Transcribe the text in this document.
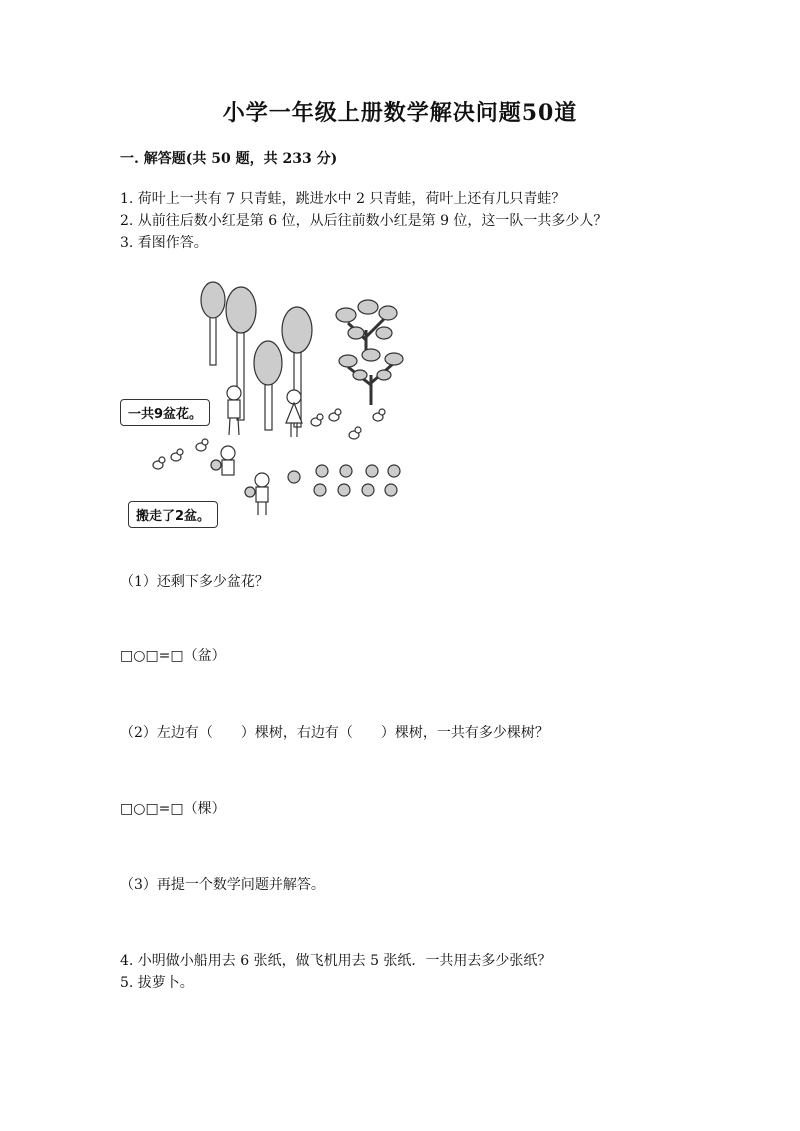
小学一年级上册数学解决问题50道
一. 解答题(共 50 题，共 233 分)
1. 荷叶上一共有 7 只青蛙，跳进水中 2 只青蛙，荷叶上还有几只青蛙？
2. 从前往后数小红是第 6 位，从后往前数小红是第 9 位，这一队一共多少人？
3. 看图作答。
一共9盆花。
搬走了2盆。
（1）还剩下多少盆花？
□○□=□（盆）
（2）左边有（　　）棵树，右边有（　　）棵树，一共有多少棵树？
□○□=□（棵）
（3）再提一个数学问题并解答。
4. 小明做小船用去 6 张纸，做飞机用去 5 张纸．一共用去多少张纸？
5. 拔萝卜。
